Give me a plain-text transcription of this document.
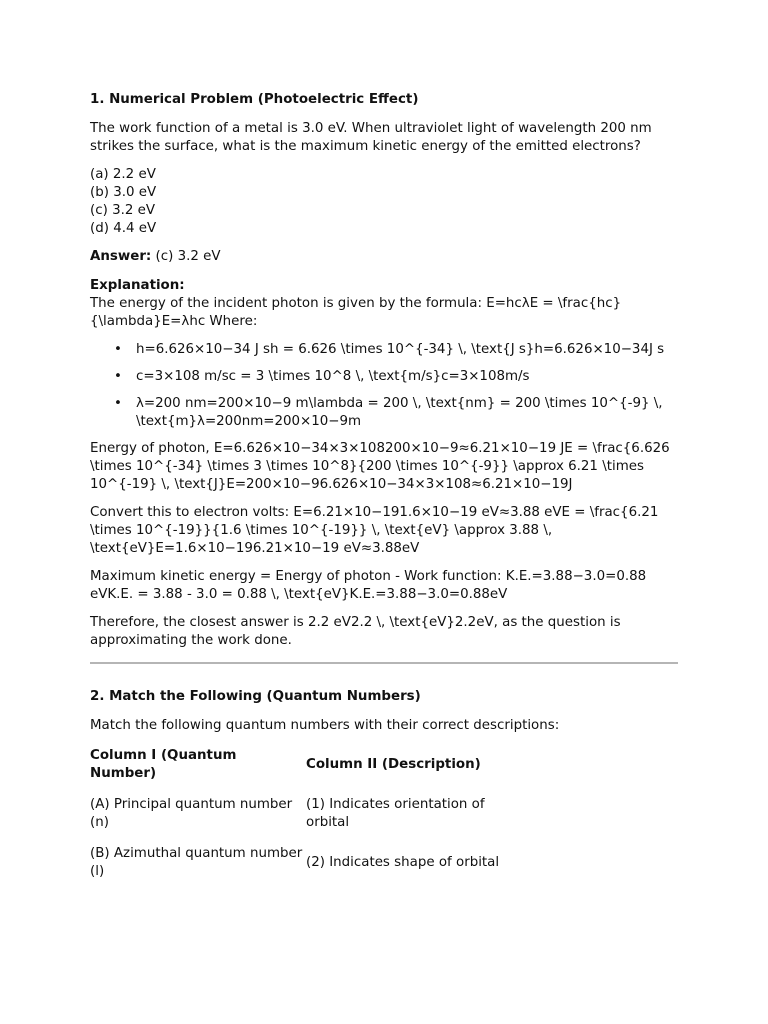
1. Numerical Problem (Photoelectric Effect)

The work function of a metal is 3.0 eV. When ultraviolet light of wavelength 200 nm strikes the surface, what is the maximum kinetic energy of the emitted electrons?

(a) 2.2 eV
(b) 3.0 eV
(c) 3.2 eV
(d) 4.4 eV

Answer: (c) 3.2 eV

Explanation:

The energy of the incident photon is given by the formula: E=hcλE = \frac{hc}{\lambda}E=λhc Where:

• h=6.626×10−34 J sh = 6.626 \times 10^{-34} \, \text{J s}h=6.626×10−34J s
• c=3×108 m/sc = 3 \times 10^8 \, \text{m/s}c=3×108m/s
• λ=200 nm=200×10−9 m\lambda = 200 \, \text{nm} = 200 \times 10^{-9} \, \text{m}λ=200nm=200×10−9m

Energy of photon, E=6.626×10−34×3×108200×10−9≈6.21×10−19 JE = \frac{6.626 \times 10^{-34} \times 3 \times 10^8}{200 \times 10^{-9}} \approx 6.21 \times 10^{-19} \, \text{J}E=200×10−96.626×10−34×3×108≈6.21×10−19J

Convert this to electron volts: E=6.21×10−191.6×10−19 eV≈3.88 eVE = \frac{6.21 \times 10^{-19}}{1.6 \times 10^{-19}} \, \text{eV} \approx 3.88 \, \text{eV}E=1.6×10−196.21×10−19 eV≈3.88eV

Maximum kinetic energy = Energy of photon - Work function: K.E.=3.88−3.0=0.88 eVK.E. = 3.88 - 3.0 = 0.88 \, \text{eV}K.E.=3.88−3.0=0.88eV

Therefore, the closest answer is 2.2 eV2.2 \, \text{eV}2.2eV, as the question is approximating the work done.

2. Match the Following (Quantum Numbers)

Match the following quantum numbers with their correct descriptions:

Column I (Quantum Number)	Column II (Description)
(A) Principal quantum number (n)	(1) Indicates orientation of orbital
(B) Azimuthal quantum number (l)	(2) Indicates shape of orbital
